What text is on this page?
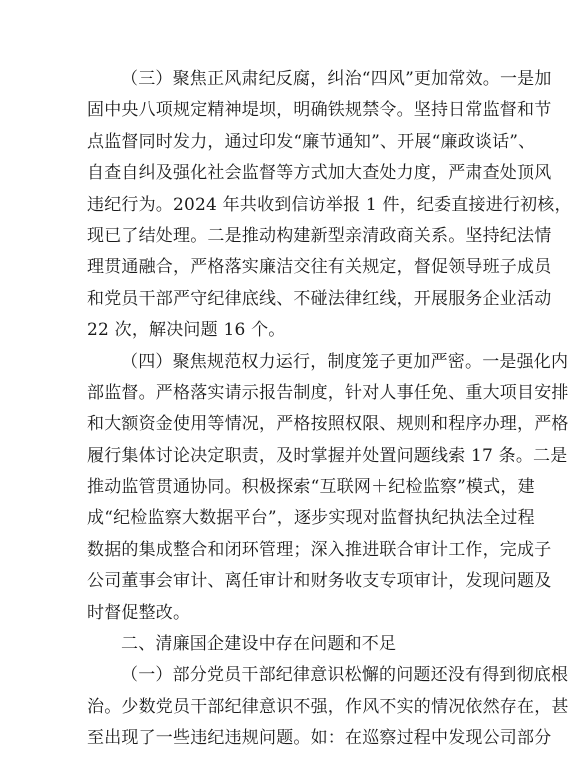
（三）聚焦正风肃纪反腐，纠治“四风”更加常效。一是加
固中央八项规定精神堤坝，明确铁规禁令。坚持日常监督和节
点监督同时发力，通过印发“廉节通知”、开展“廉政谈话”、
自查自纠及强化社会监督等方式加大查处力度，严肃查处顶风
违纪行为。2024 年共收到信访举报 1 件，纪委直接进行初核，
现已了结处理。二是推动构建新型亲清政商关系。坚持纪法情
理贯通融合，严格落实廉洁交往有关规定，督促领导班子成员
和党员干部严守纪律底线、不碰法律红线，开展服务企业活动
22 次，解决问题 16 个。
（四）聚焦规范权力运行，制度笼子更加严密。一是强化内
部监督。严格落实请示报告制度，针对人事任免、重大项目安排
和大额资金使用等情况，严格按照权限、规则和程序办理，严格
履行集体讨论决定职责，及时掌握并处置问题线索 17 条。二是
推动监管贯通协同。积极探索“互联网＋纪检监察”模式，建
成“纪检监察大数据平台”，逐步实现对监督执纪执法全过程
数据的集成整合和闭环管理；深入推进联合审计工作，完成子
公司董事会审计、离任审计和财务收支专项审计，发现问题及
时督促整改。
二、清廉国企建设中存在问题和不足
（一）部分党员干部纪律意识松懈的问题还没有得到彻底根
治。少数党员干部纪律意识不强，作风不实的情况依然存在，甚
至出现了一些违纪违规问题。如：在巡察过程中发现公司部分
